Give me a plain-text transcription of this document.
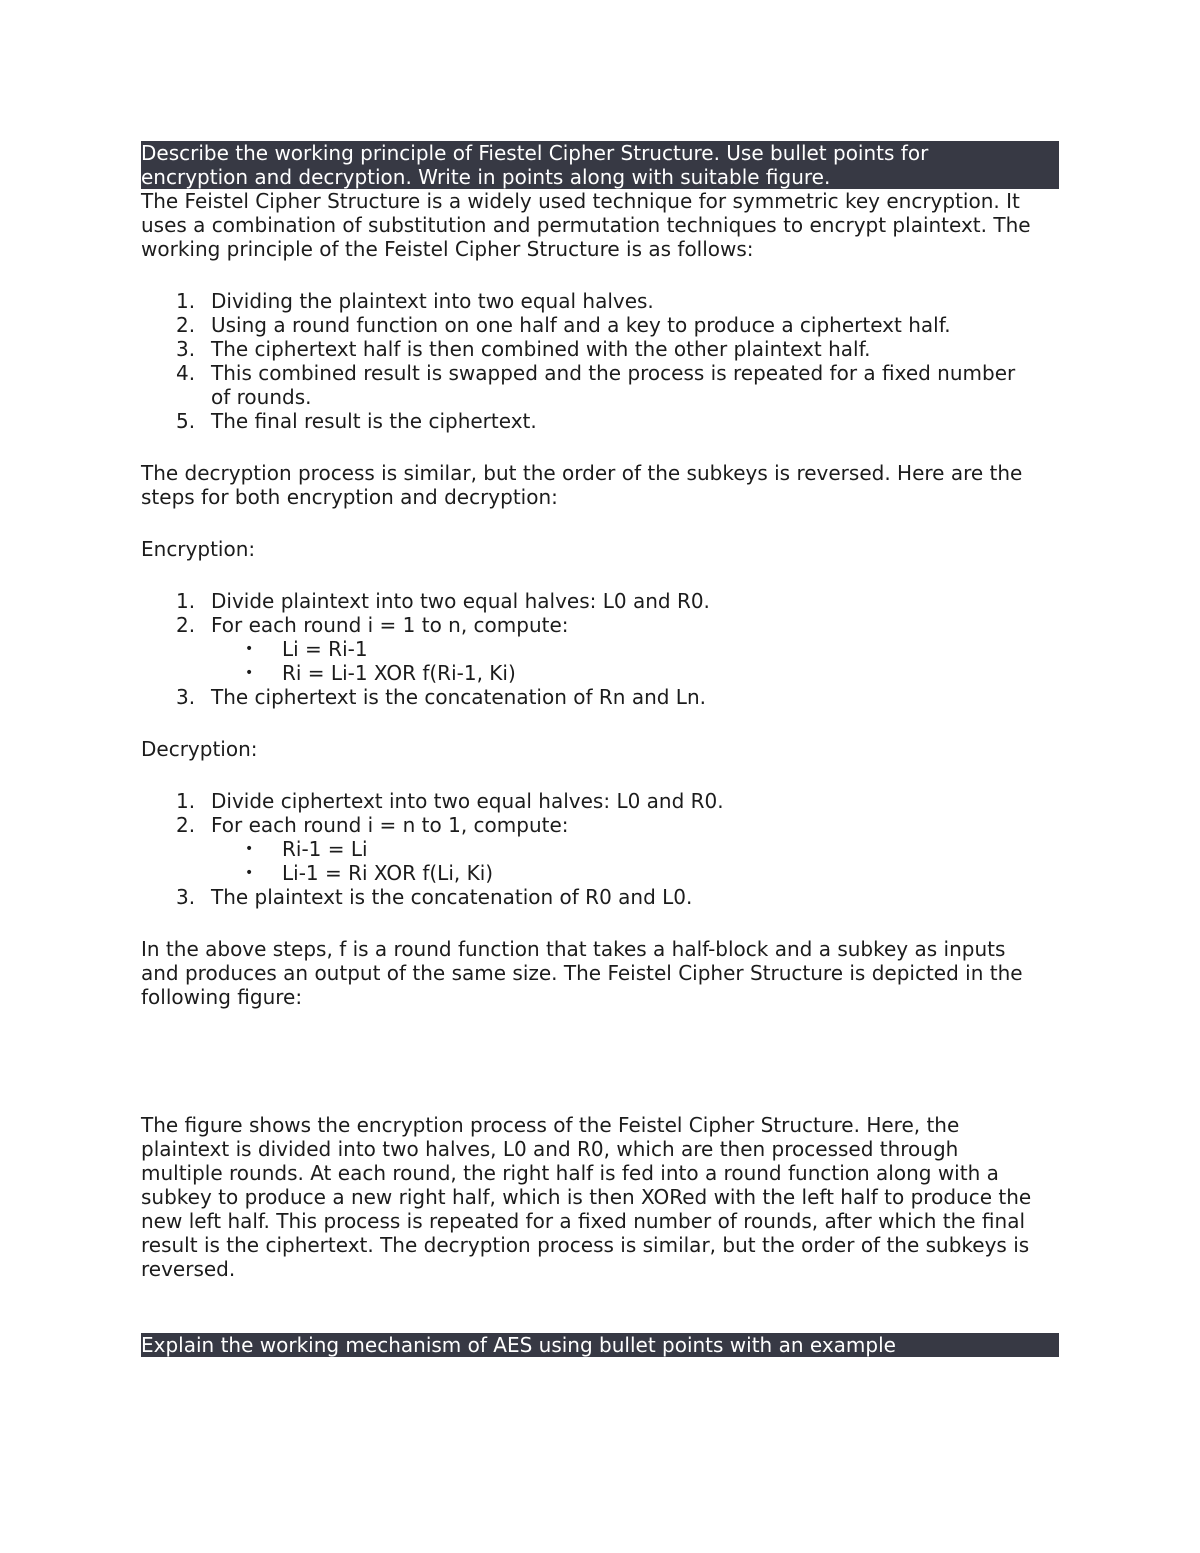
Describe the working principle of Fiestel Cipher Structure. Use bullet points for
encryption and decryption. Write in points along with suitable figure.

The Feistel Cipher Structure is a widely used technique for symmetric key encryption. It

uses a combination of substitution and permutation techniques to encrypt plaintext. The

working principle of the Feistel Cipher Structure is as follows:

1. Dividing the plaintext into two equal halves.
2. Using a round function on one half and a key to produce a ciphertext half.
3. The ciphertext half is then combined with the other plaintext half.
4. This combined result is swapped and the process is repeated for a fixed number
of rounds.
5. The final result is the ciphertext.

The decryption process is similar, but the order of the subkeys is reversed. Here are the

steps for both encryption and decryption:

Encryption:

1. Divide plaintext into two equal halves: L0 and R0.
2. For each round i = 1 to n, compute:
• Li = Ri-1
• Ri = Li-1 XOR f(Ri-1, Ki)
3. The ciphertext is the concatenation of Rn and Ln.

Decryption:

1. Divide ciphertext into two equal halves: L0 and R0.
2. For each round i = n to 1, compute:
• Ri-1 = Li
• Li-1 = Ri XOR f(Li, Ki)
3. The plaintext is the concatenation of R0 and L0.

In the above steps, f is a round function that takes a half-block and a subkey as inputs

and produces an output of the same size. The Feistel Cipher Structure is depicted in the

following figure:

The figure shows the encryption process of the Feistel Cipher Structure. Here, the

plaintext is divided into two halves, L0 and R0, which are then processed through

multiple rounds. At each round, the right half is fed into a round function along with a

subkey to produce a new right half, which is then XORed with the left half to produce the

new left half. This process is repeated for a fixed number of rounds, after which the final

result is the ciphertext. The decryption process is similar, but the order of the subkeys is

reversed.

Explain the working mechanism of AES using bullet points with an example
